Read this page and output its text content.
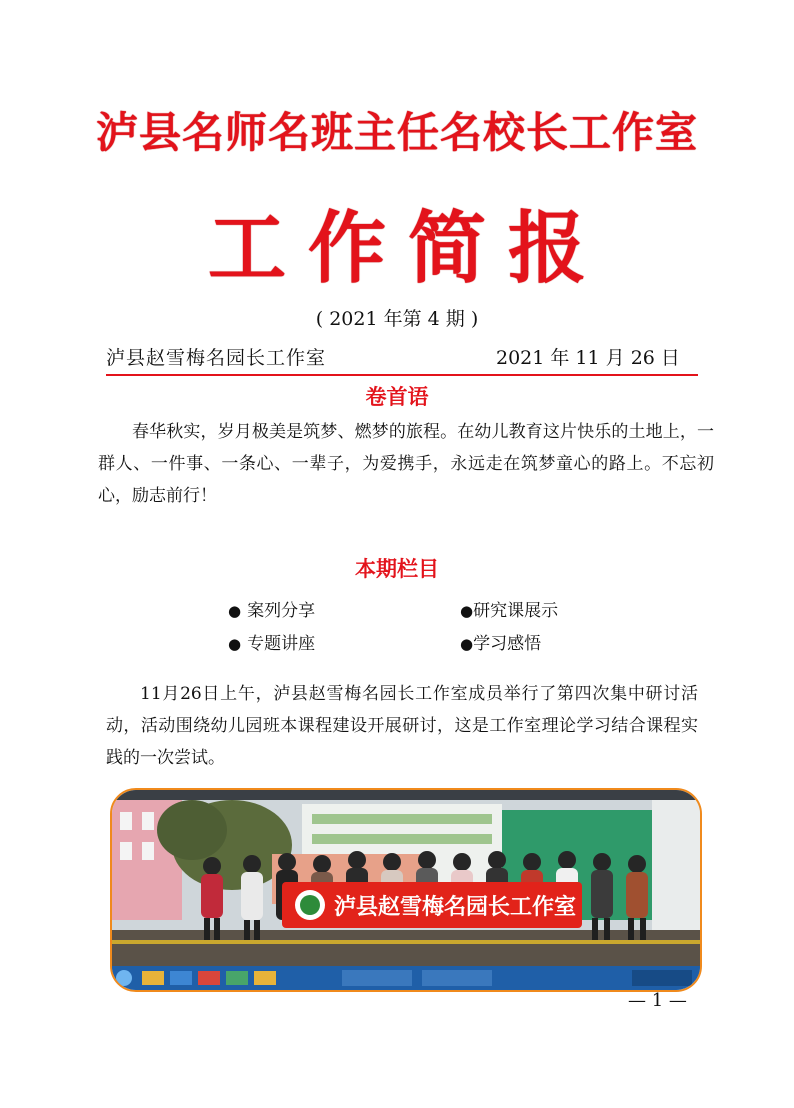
泸县名师名班主任名校长工作室
工作简报
( 2021 年第 4 期 )
泸县赵雪梅名园长工作室	2021 年 11 月 26 日
卷首语

春华秋实，岁月极美是筑梦、燃梦的旅程。在幼儿教育这片快乐的土地上，一群人、一件事、一条心、一辈子，为爱携手，永远走在筑梦童心的路上。不忘初心，励志前行！

本期栏目
● 案列分享	●研究课展示
● 专题讲座	●学习感悟

11月26日上午，泸县赵雪梅名园长工作室成员举行了第四次集中研讨活动，活动围绕幼儿园班本课程建设开展研讨，这是工作室理论学习结合课程实践的一次尝试。

泸县赵雪梅名园长工作室
— 1 —
